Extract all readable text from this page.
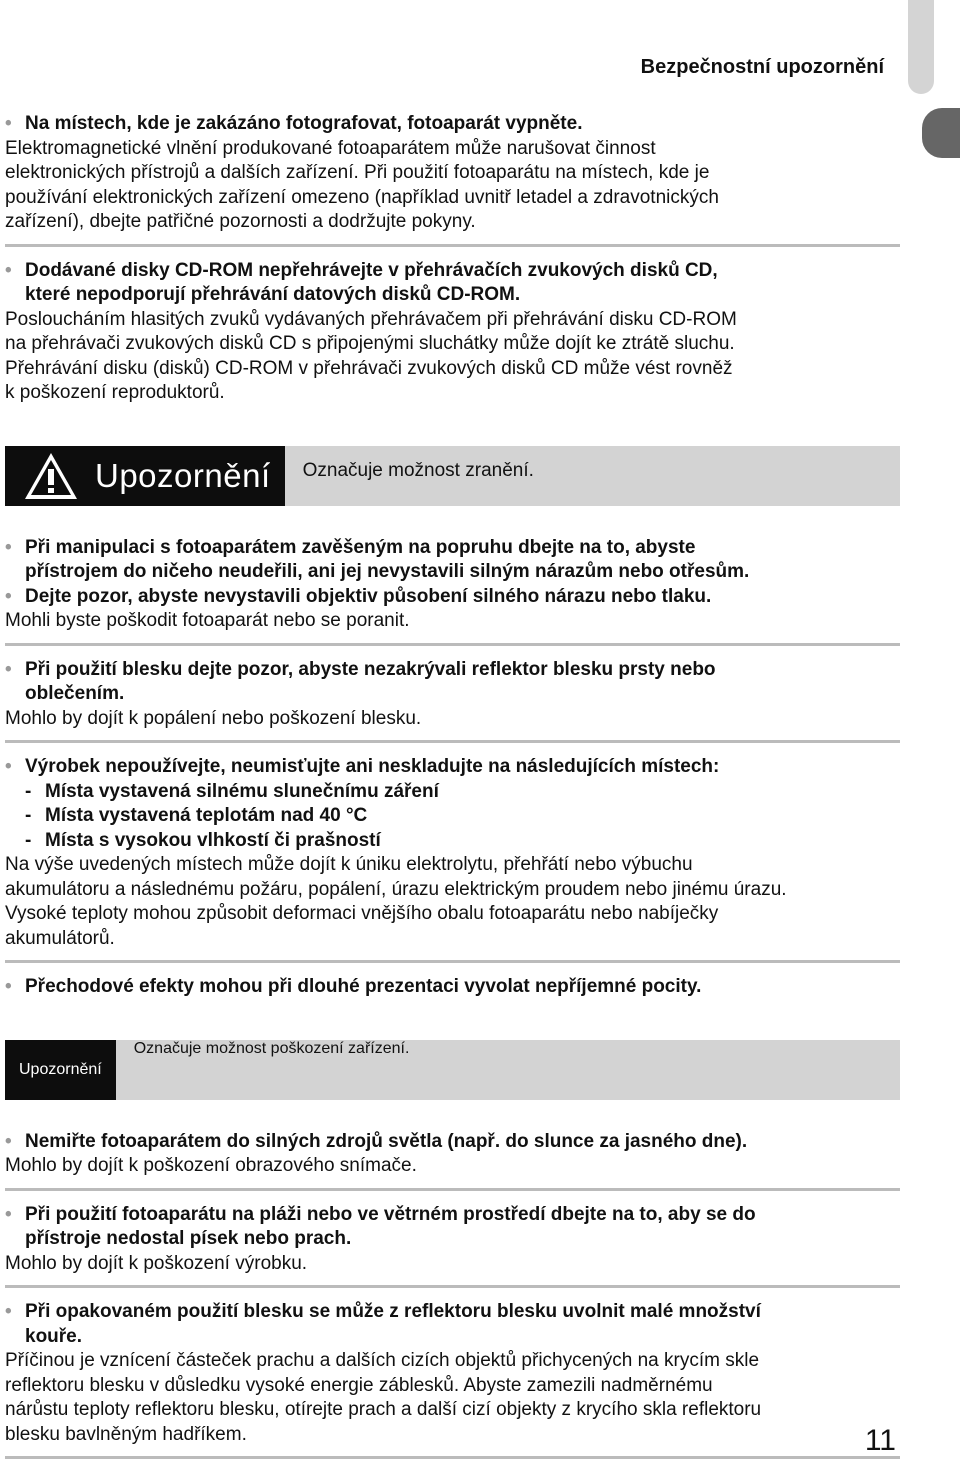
Bezpečnostní upozornění
• Na místech, kde je zakázáno fotografovat, fotoaparát vypněte.

Elektromagnetické vlnění produkované fotoaparátem může narušovat činnost
elektronických přístrojů a dalších zařízení. Při použití fotoaparátu na místech, kde je
používání elektronických zařízení omezeno (například uvnitř letadel a zdravotnických
zařízení), dbejte patřičné pozornosti a dodržujte pokyny.

• Dodávané disky CD-ROM nepřehrávejte v přehrávačích zvukových disků CD,
které nepodporují přehrávání datových disků CD-ROM.

Posloucháním hlasitých zvuků vydávaných přehrávačem při přehrávání disku CD-ROM
na přehrávači zvukových disků CD s připojenými sluchátky může dojít ke ztrátě sluchu.
Přehrávání disku (disků) CD-ROM v přehrávači zvukových disků CD může vést rovněž
k poškození reproduktorů.

Upozornění Označuje možnost zranění.
• Při manipulaci s fotoaparátem zavěšeným na popruhu dbejte na to, abyste
přístrojem do ničeho neudeřili, ani jej nevystavili silným nárazům nebo otřesům.
• Dejte pozor, abyste nevystavili objektiv působení silného nárazu nebo tlaku.

Mohli byste poškodit fotoaparát nebo se poranit.

• Při použití blesku dejte pozor, abyste nezakrývali reflektor blesku prsty nebo
oblečením.

Mohlo by dojít k popálení nebo poškození blesku.

• Výrobek nepoužívejte, neumisťujte ani neskladujte na následujících místech:
- Místa vystavená silnému slunečnímu záření
- Místa vystavená teplotám nad 40 °C
- Místa s vysokou vlhkostí či prašností

Na výše uvedených místech může dojít k úniku elektrolytu, přehřátí nebo výbuchu
akumulátoru a následnému požáru, popálení, úrazu elektrickým proudem nebo jinému úrazu.
Vysoké teploty mohou způsobit deformaci vnějšího obalu fotoaparátu nebo nabíječky
akumulátorů.

• Přechodové efekty mohou při dlouhé prezentaci vyvolat nepříjemné pocity.
Upozornění
Označuje možnost poškození zařízení.
• Nemiřte fotoaparátem do silných zdrojů světla (např. do slunce za jasného dne).

Mohlo by dojít k poškození obrazového snímače.

• Při použití fotoaparátu na pláži nebo ve větrném prostředí dbejte na to, aby se do
přístroje nedostal písek nebo prach.

Mohlo by dojít k poškození výrobku.

• Při opakovaném použití blesku se může z reflektoru blesku uvolnit malé množství
kouře.

Příčinou je vznícení částeček prachu a dalších cizích objektů přichycených na krycím skle
reflektoru blesku v důsledku vysoké energie záblesků. Abyste zamezili nadměrnému
nárůstu teploty reflektoru blesku, otírejte prach a další cizí objekty z krycího skla reflektoru
blesku bavlněným hadříkem.	11
